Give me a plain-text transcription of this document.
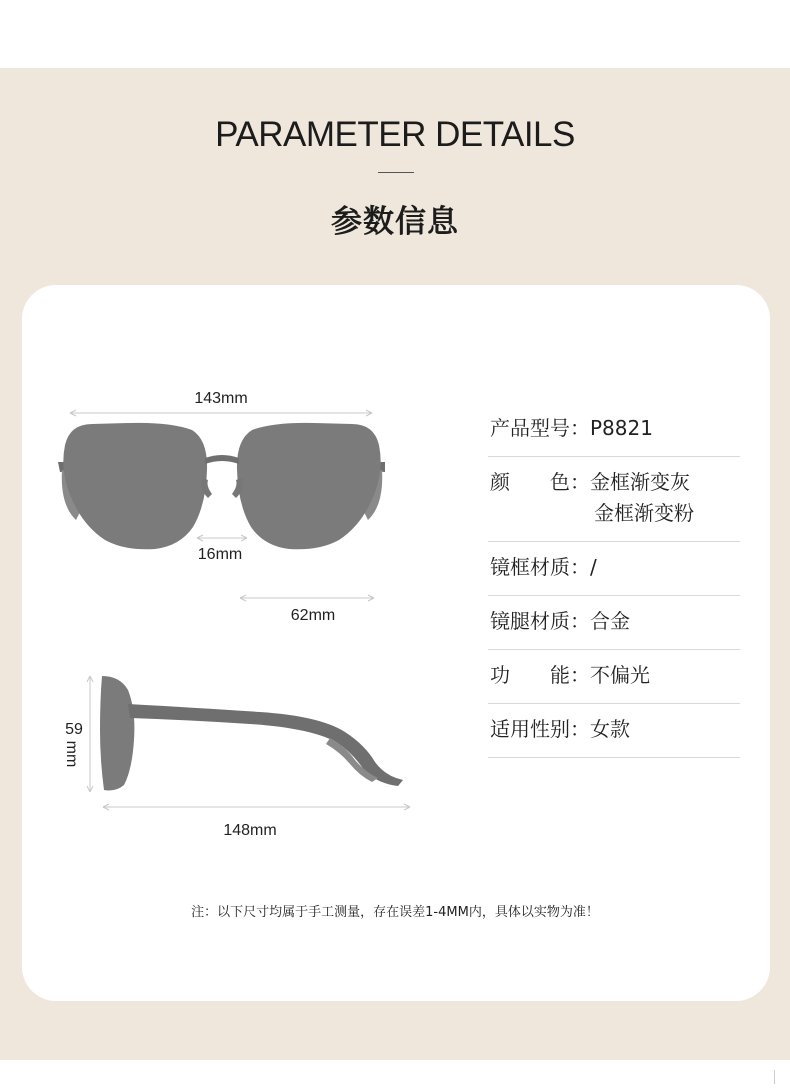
PARAMETER DETAILS
参数信息
143mm
16mm
62mm
59
mm
148mm
产品型号：P8821
颜　　色：金框渐变灰
金框渐变粉
镜框材质：/
镜腿材质：合金
功　　能：不偏光
适用性别：女款
注：以下尺寸均属于手工测量，存在误差1-4MM内，具体以实物为准！
